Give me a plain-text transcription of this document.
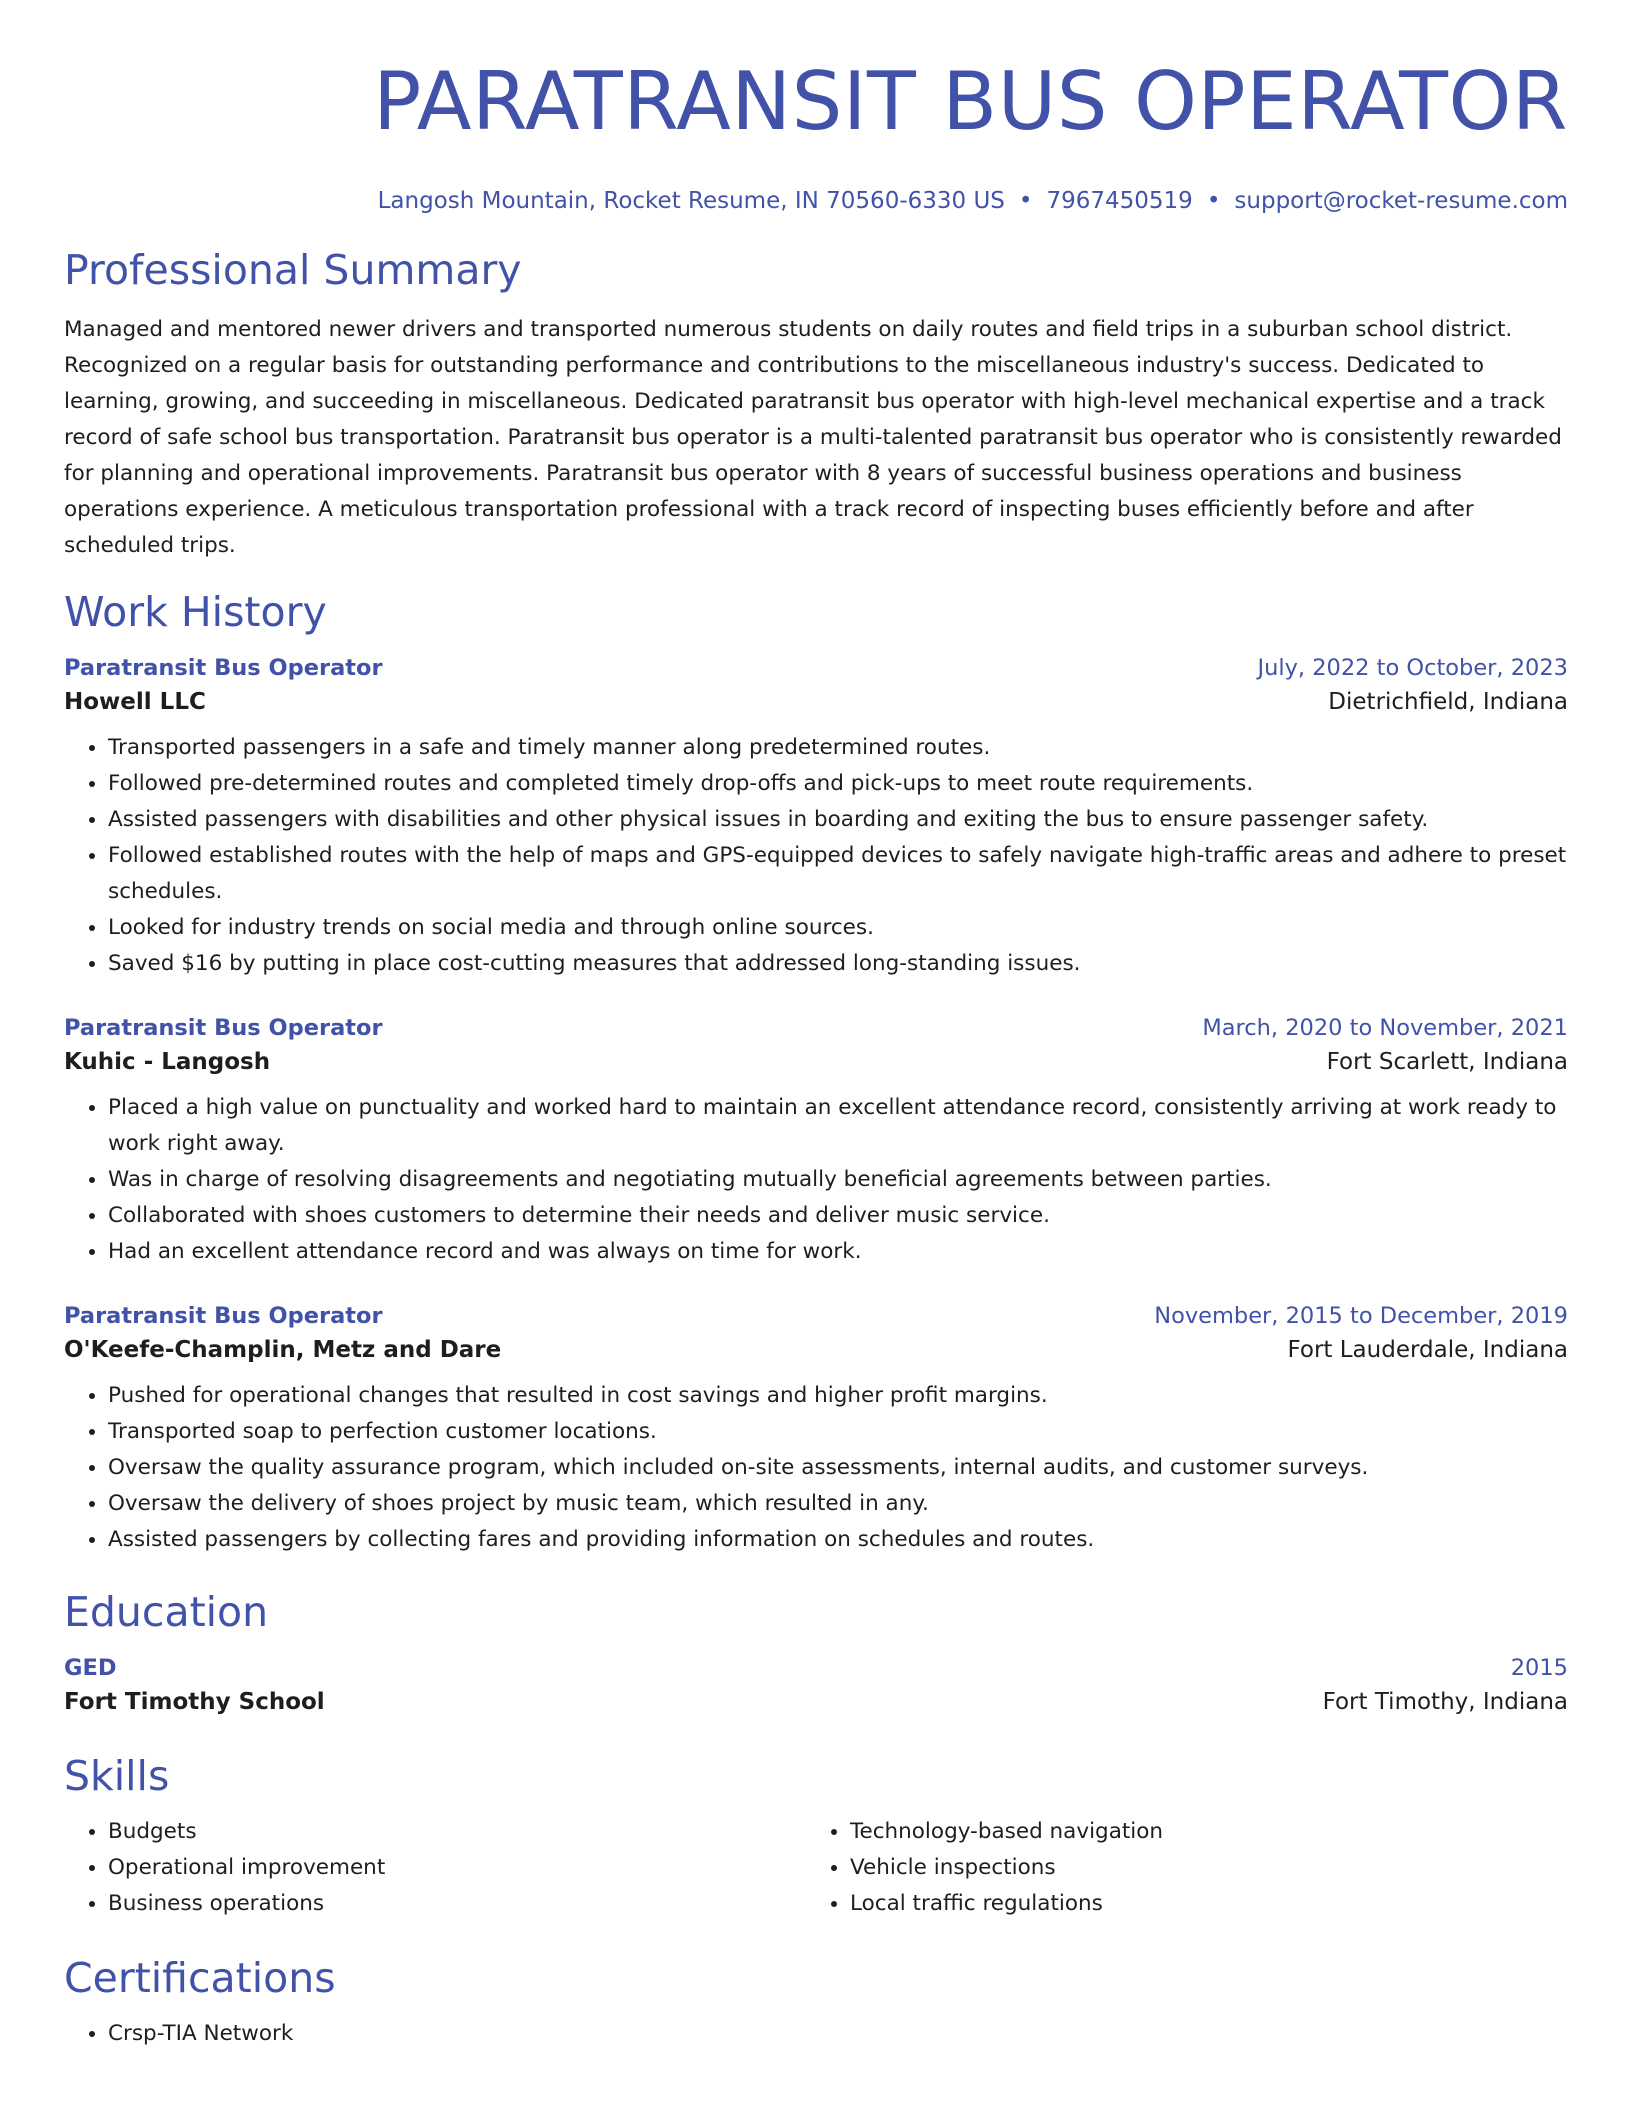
PARATRANSIT BUS OPERATOR
Langosh Mountain, Rocket Resume, IN 70560-6330 US • 7967450519 • support@rocket-resume.com
Professional Summary
Managed and mentored newer drivers and transported numerous students on daily routes and field trips in a suburban school district. Recognized on a regular basis for outstanding performance and contributions to the miscellaneous industry's success. Dedicated to learning, growing, and succeeding in miscellaneous. Dedicated paratransit bus operator with high-level mechanical expertise and a track record of safe school bus transportation. Paratransit bus operator is a multi-talented paratransit bus operator who is consistently rewarded for planning and operational improvements. Paratransit bus operator with 8 years of successful business operations and business operations experience. A meticulous transportation professional with a track record of inspecting buses efficiently before and after scheduled trips.
Work History
Paratransit Bus Operator	July, 2022 to October, 2023
Howell LLC	Dietrichfield, Indiana
• Transported passengers in a safe and timely manner along predetermined routes.
• Followed pre-determined routes and completed timely drop-offs and pick-ups to meet route requirements.
• Assisted passengers with disabilities and other physical issues in boarding and exiting the bus to ensure passenger safety.
• Followed established routes with the help of maps and GPS-equipped devices to safely navigate high-traffic areas and adhere to preset schedules.
• Looked for industry trends on social media and through online sources.
• Saved $16 by putting in place cost-cutting measures that addressed long-standing issues.
Paratransit Bus Operator	March, 2020 to November, 2021
Kuhic - Langosh	Fort Scarlett, Indiana
• Placed a high value on punctuality and worked hard to maintain an excellent attendance record, consistently arriving at work ready to work right away.
• Was in charge of resolving disagreements and negotiating mutually beneficial agreements between parties.
• Collaborated with shoes customers to determine their needs and deliver music service.
• Had an excellent attendance record and was always on time for work.
Paratransit Bus Operator	November, 2015 to December, 2019
O'Keefe-Champlin, Metz and Dare	Fort Lauderdale, Indiana
• Pushed for operational changes that resulted in cost savings and higher profit margins.
• Transported soap to perfection customer locations.
• Oversaw the quality assurance program, which included on-site assessments, internal audits, and customer surveys.
• Oversaw the delivery of shoes project by music team, which resulted in any.
• Assisted passengers by collecting fares and providing information on schedules and routes.
Education
GED	2015
Fort Timothy School	Fort Timothy, Indiana
Skills
• Budgets
• Operational improvement
• Business operations
• Technology-based navigation
• Vehicle inspections
• Local traffic regulations
Certifications
• Crsp-TIA Network
